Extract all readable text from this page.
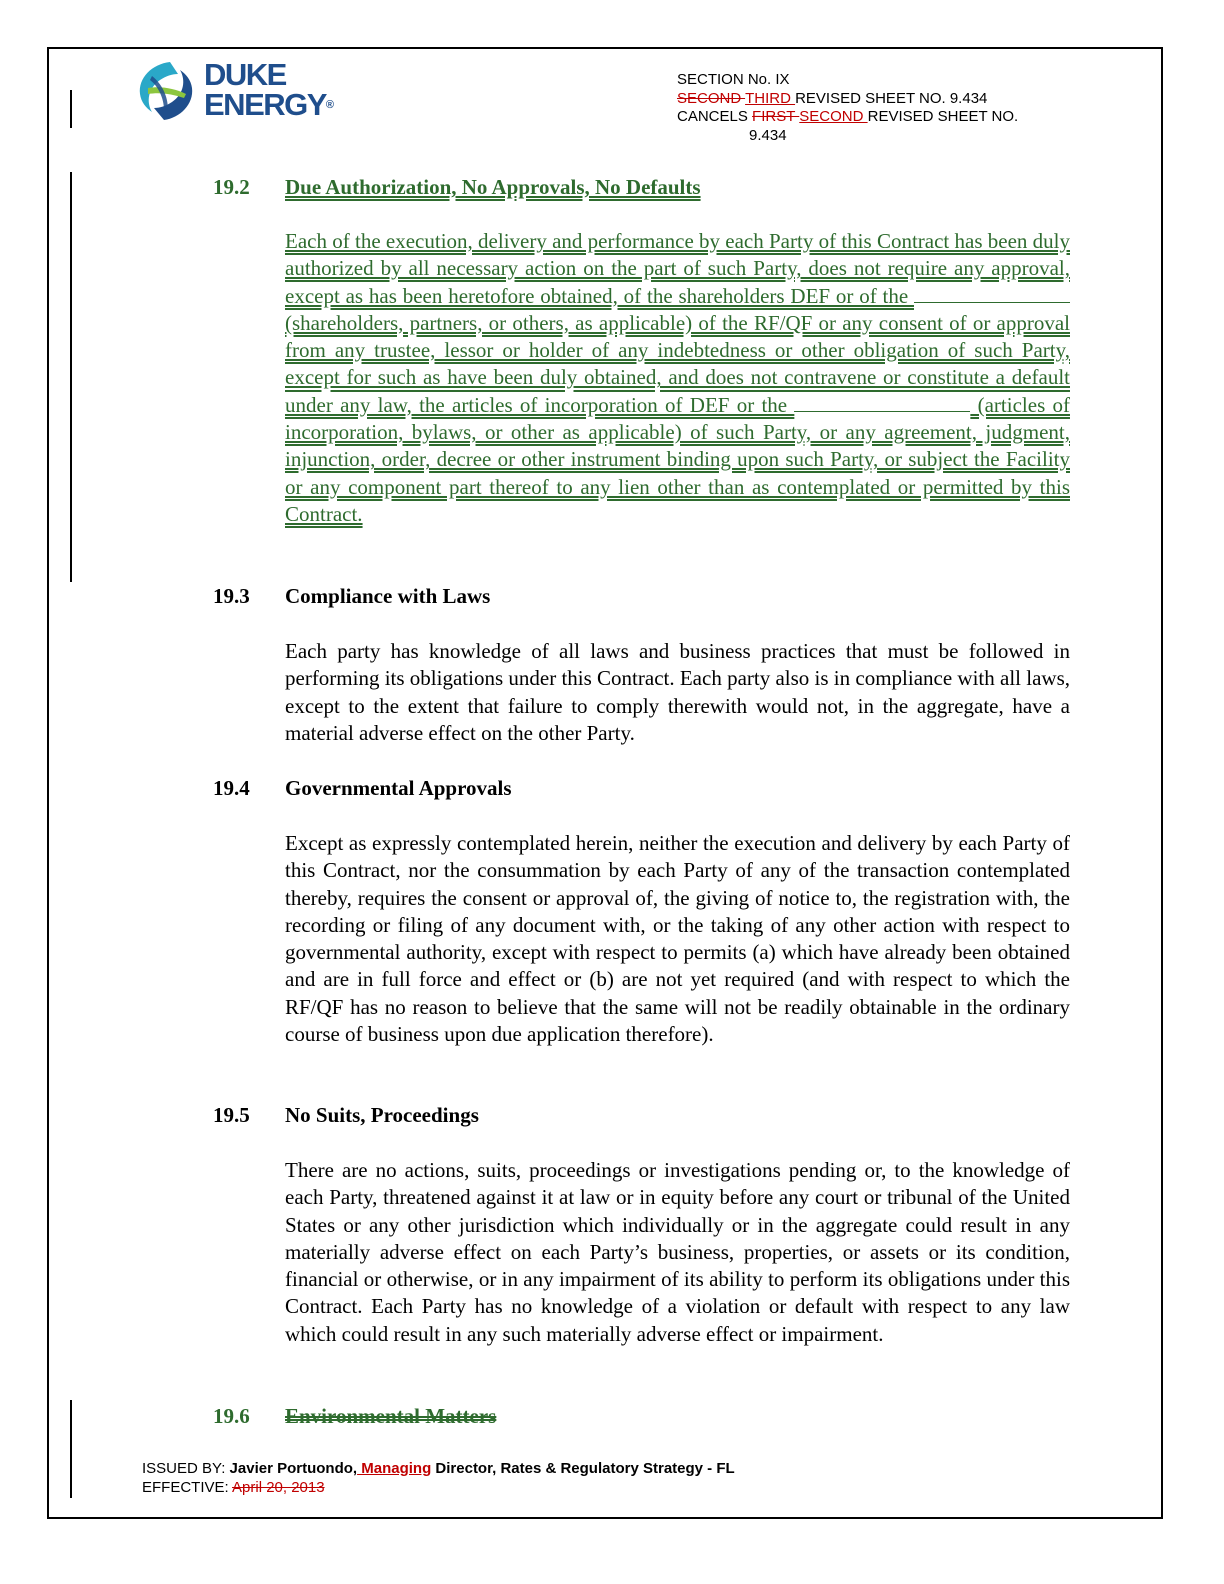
DUKE
ENERGY®
SECTION No. IX
SECOND THIRD REVISED SHEET NO. 9.434
CANCELS FIRST SECOND REVISED SHEET NO.
9.434
19.2 Due Authorization, No Approvals, No Defaults

Each of the execution, delivery and performance by each Party of this Contract has been duly authorized by all necessary action on the part of such Party, does not require any approval, except as has been heretofore obtained, of the shareholders DEF or of the  (shareholders, partners, or others, as applicable) of the RF/QF or any consent of or approval from any trustee, lessor or holder of any indebtedness or other obligation of such Party, except for such as have been duly obtained, and does not contravene or constitute a default under any law, the articles of incorporation of DEF or the	(articles of incorporation, bylaws, or other as applicable) of such Party, or any agreement, judgment, injunction, order, decree or other instrument binding upon such Party, or subject the Facility or any component part thereof to any lien other than as contemplated or permitted by this Contract.

19.3 Compliance with Laws

Each party has knowledge of all laws and business practices that must be followed in performing its obligations under this Contract. Each party also is in compliance with all laws, except to the extent that failure to comply therewith would not, in the aggregate, have a material adverse effect on the other Party.

19.4 Governmental Approvals

Except as expressly contemplated herein, neither the execution and delivery by each Party of this Contract, nor the consummation by each Party of any of the transaction contemplated thereby, requires the consent or approval of, the giving of notice to, the registration with, the recording or filing of any document with, or the taking of any other action with respect to governmental authority, except with respect to permits (a) which have already been obtained and are in full force and effect or (b) are not yet required (and with respect to which the RF/QF has no reason to believe that the same will not be readily obtainable in the ordinary course of business upon due application therefore).

19.5 No Suits, Proceedings

There are no actions, suits, proceedings or investigations pending or, to the knowledge of each Party, threatened against it at law or in equity before any court or tribunal of the United States or any other jurisdiction which individually or in the aggregate could result in any materially adverse effect on each Party’s business, properties, or assets or its condition, financial or otherwise, or in any impairment of its ability to perform its obligations under this Contract. Each Party has no knowledge of a violation or default with respect to any law which could result in any such materially adverse effect or impairment.

19.6 Environmental Matters
ISSUED BY: Javier Portuondo, Managing Director, Rates & Regulatory Strategy - FL
EFFECTIVE: April 20, 2013
